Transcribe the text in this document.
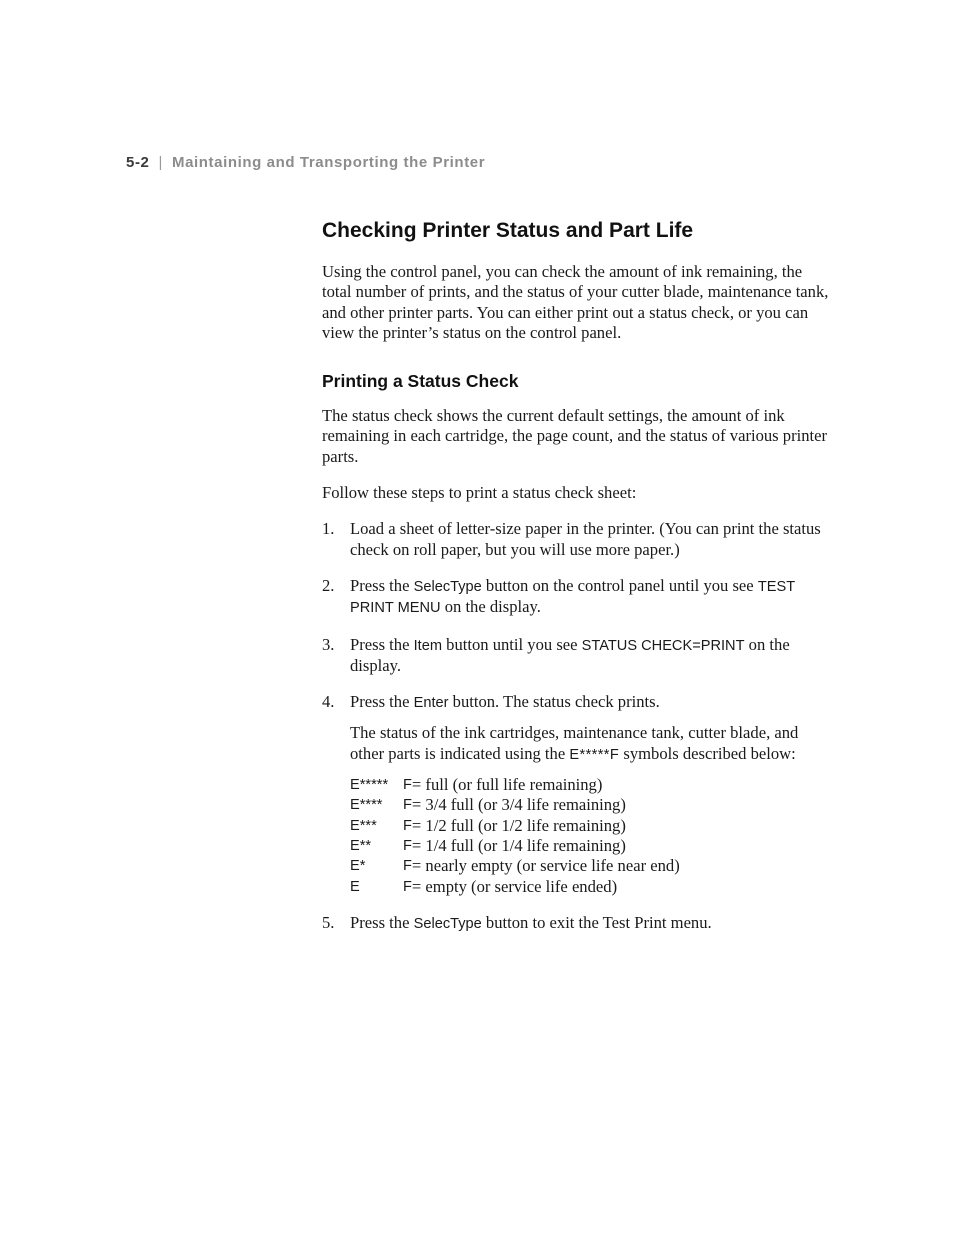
5-2 | Maintaining and Transporting the Printer
Checking Printer Status and Part Life

Using the control panel, you can check the amount of ink remaining, the total number of prints, and the status of your cutter blade, maintenance tank, and other printer parts. You can either print out a status check, or you can view the printer’s status on the control panel.

Printing a Status Check

The status check shows the current default settings, the amount of ink remaining in each cartridge, the page count, and the status of various printer parts.

Follow these steps to print a status check sheet:

1. Load a sheet of letter-size paper in the printer. (You can print the status check on roll paper, but you will use more paper.)
2. Press the SelecType button on the control panel until you see TEST PRINT MENU on the display.
3. Press the Item button until you see STATUS CHECK=PRINT on the display.
4. Press the Enter button. The status check prints.

The status of the ink cartridges, maintenance tank, cutter blade, and other parts is indicated using the E*****F symbols described below:

E*****	F = full (or full life remaining)
E****	F = 3/4 full (or 3/4 life remaining)
E***	F = 1/2 full (or 1/2 life remaining)
E**	F = 1/4 full (or 1/4 life remaining)
E*	F = nearly empty (or service life near end)
E	F = empty (or service life ended)
5. Press the SelecType button to exit the Test Print menu.
